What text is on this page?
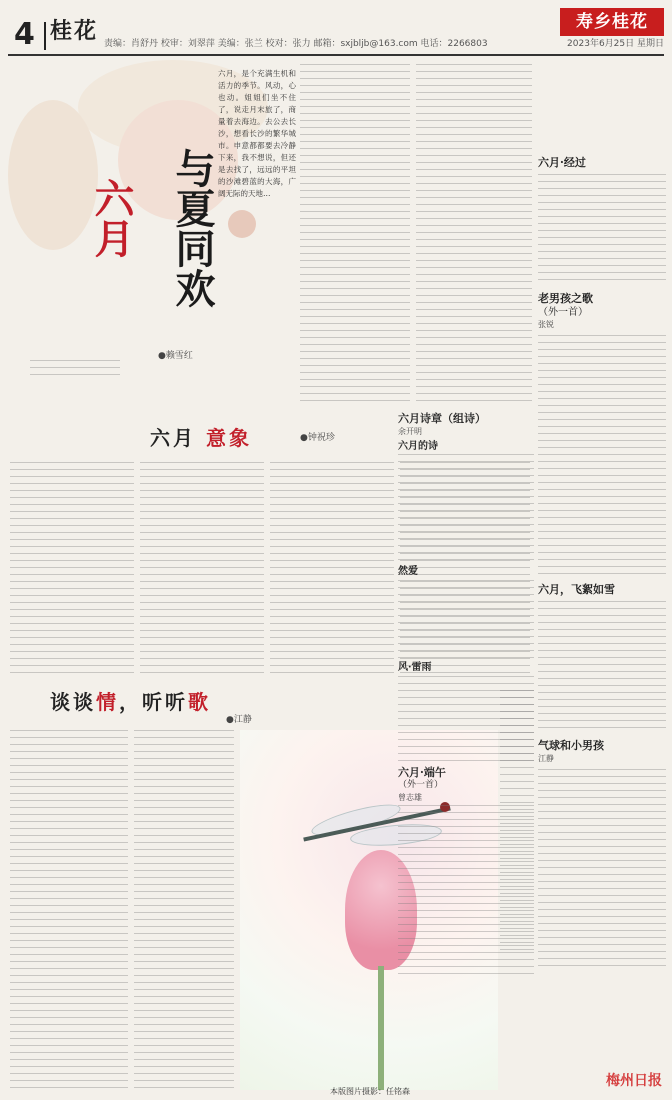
4 桂花 责编：肖舒丹 校审：刘翠萍 美编：张兰 校对：张力 邮箱：sxjbljb@163.com 电话：2266803	2023年6月25日 星期日
寿乡桂花
六月 与夏同欢
●赖雪红
六月，是个充满生机和活力的季节。风动，心也动。姐姐们坐不住了，说走月末旅了，商量着去海边。去公去长沙，想看长沙的繁华城市。申意都都要去冷静下来，我不想说，但还是去找了，远远的平坦的沙滩碧蓝的大海，广阔无际的天地…
六月 意象	●钟祝珍
谈谈情，听听歌
●江静
本版图片摄影：任铭森
六月诗章（组诗）
余开明
六月的诗
然爱
风·雷雨
六月·端午
（外一首）
曾志雄
六月·经过
老男孩之歌
（外一首）
张锐
六月，飞絮如雪
气球和小男孩
江静
梅州日报
